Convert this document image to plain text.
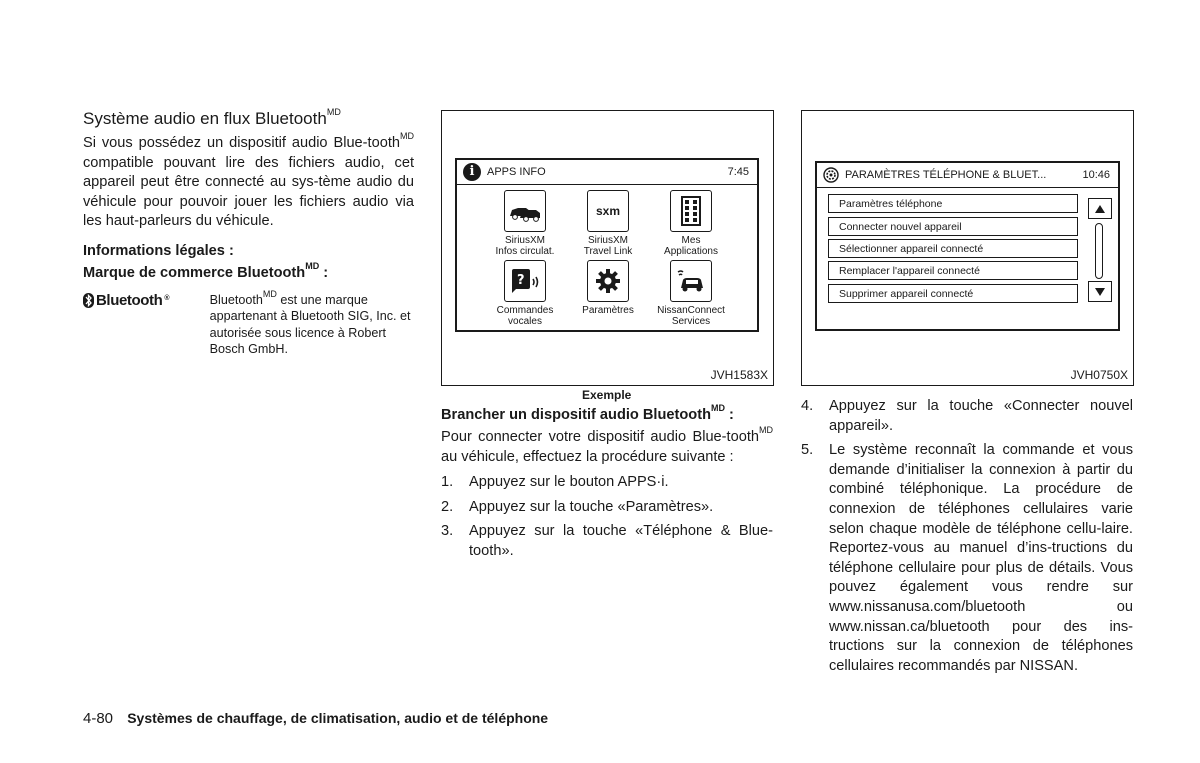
Système audio en flux Bluetooth$^{MD}$

Si vous possédez un dispositif audio Blue-tooth$^{MD}$ compatible pouvant lire des fichiers audio, cet appareil peut être connecté au sys-tème audio du véhicule pour pouvoir jouer les fichiers audio via les haut-parleurs du véhicule.

Informations légales :
Marque de commerce Bluetooth$^{MD}$ :
Bluetooth ®	Bluetooth$^{MD}$ est une marque appartenant à Bluetooth SIG, Inc. et autorisée sous licence à Robert Bosch GmbH.
i	APPS INFO	7:45
SiriusXM
Infos circulat.
sxm
SiriusXM
Travel Link
Mes
Applications
?
Commandes
vocales
Paramètres	NissanConnect
Services
JVH1583X
Exemple
PARAMÈTRES TÉLÉPHONE & BLUET...	10:46
Paramètres téléphone
Connecter nouvel appareil
Sélectionner appareil connecté
Remplacer l'appareil connecté
Supprimer appareil connecté
JVH0750X
Brancher un dispositif audio Bluetooth$^{MD}$ :

Pour connecter votre dispositif audio Blue-tooth$^{MD}$ au véhicule, effectuez la procédure suivante :

1.	Appuyez sur le bouton APPS·i.
2.	Appuyez sur la touche «Paramètres».
3.	Appuyez sur la touche «Téléphone & Blue-tooth».
4.	Appuyez sur la touche «Connecter nouvel appareil».
5.	Le système reconnaît la commande et vous demande d’initialiser la connexion à partir du combiné téléphonique. La procédure de connexion de téléphones cellulaires varie selon chaque modèle de téléphone cellu-laire. Reportez-vous au manuel d’ins-tructions du téléphone cellulaire pour plus de détails. Vous pouvez également vous rendre sur www.nissanusa.com/bluetooth ou www.nissan.ca/bluetooth pour des ins-tructions sur la connexion de téléphones cellulaires recommandés par NISSAN.
4-80 Systèmes de chauffage, de climatisation, audio et de téléphone
